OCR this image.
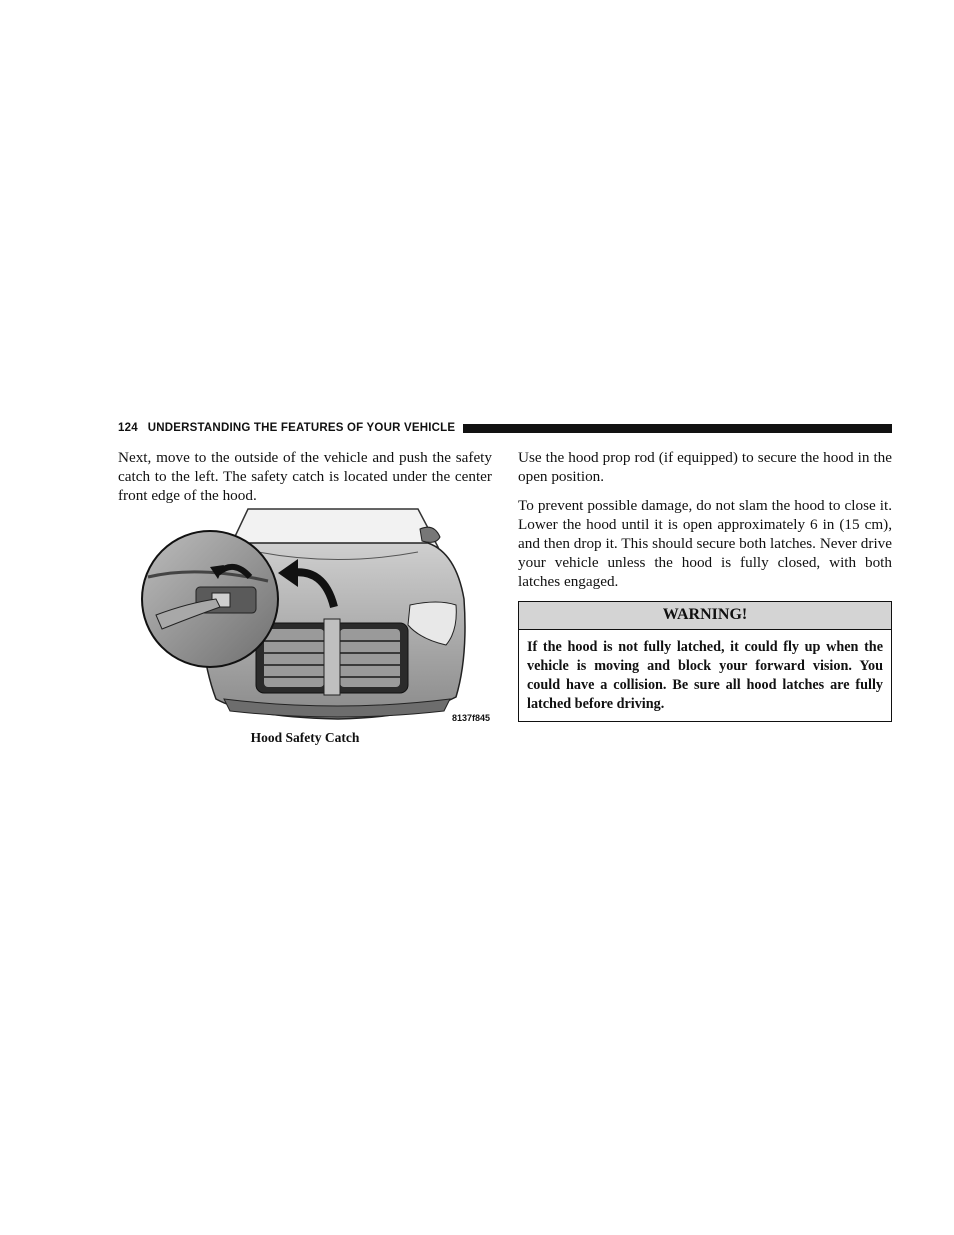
124 UNDERSTANDING THE FEATURES OF YOUR VEHICLE

Next, move to the outside of the vehicle and push the safety catch to the left. The safety catch is located under the center front edge of the hood.

8137f845
Hood Safety Catch

Use the hood prop rod (if equipped) to secure the hood in the open position.

To prevent possible damage, do not slam the hood to close it. Lower the hood until it is open approximately 6 in (15 cm), and then drop it. This should secure both latches. Never drive your vehicle unless the hood is fully closed, with both latches engaged.

WARNING!
If the hood is not fully latched, it could fly up when the vehicle is moving and block your forward vision. You could have a collision. Be sure all hood latches are fully latched before driving.
